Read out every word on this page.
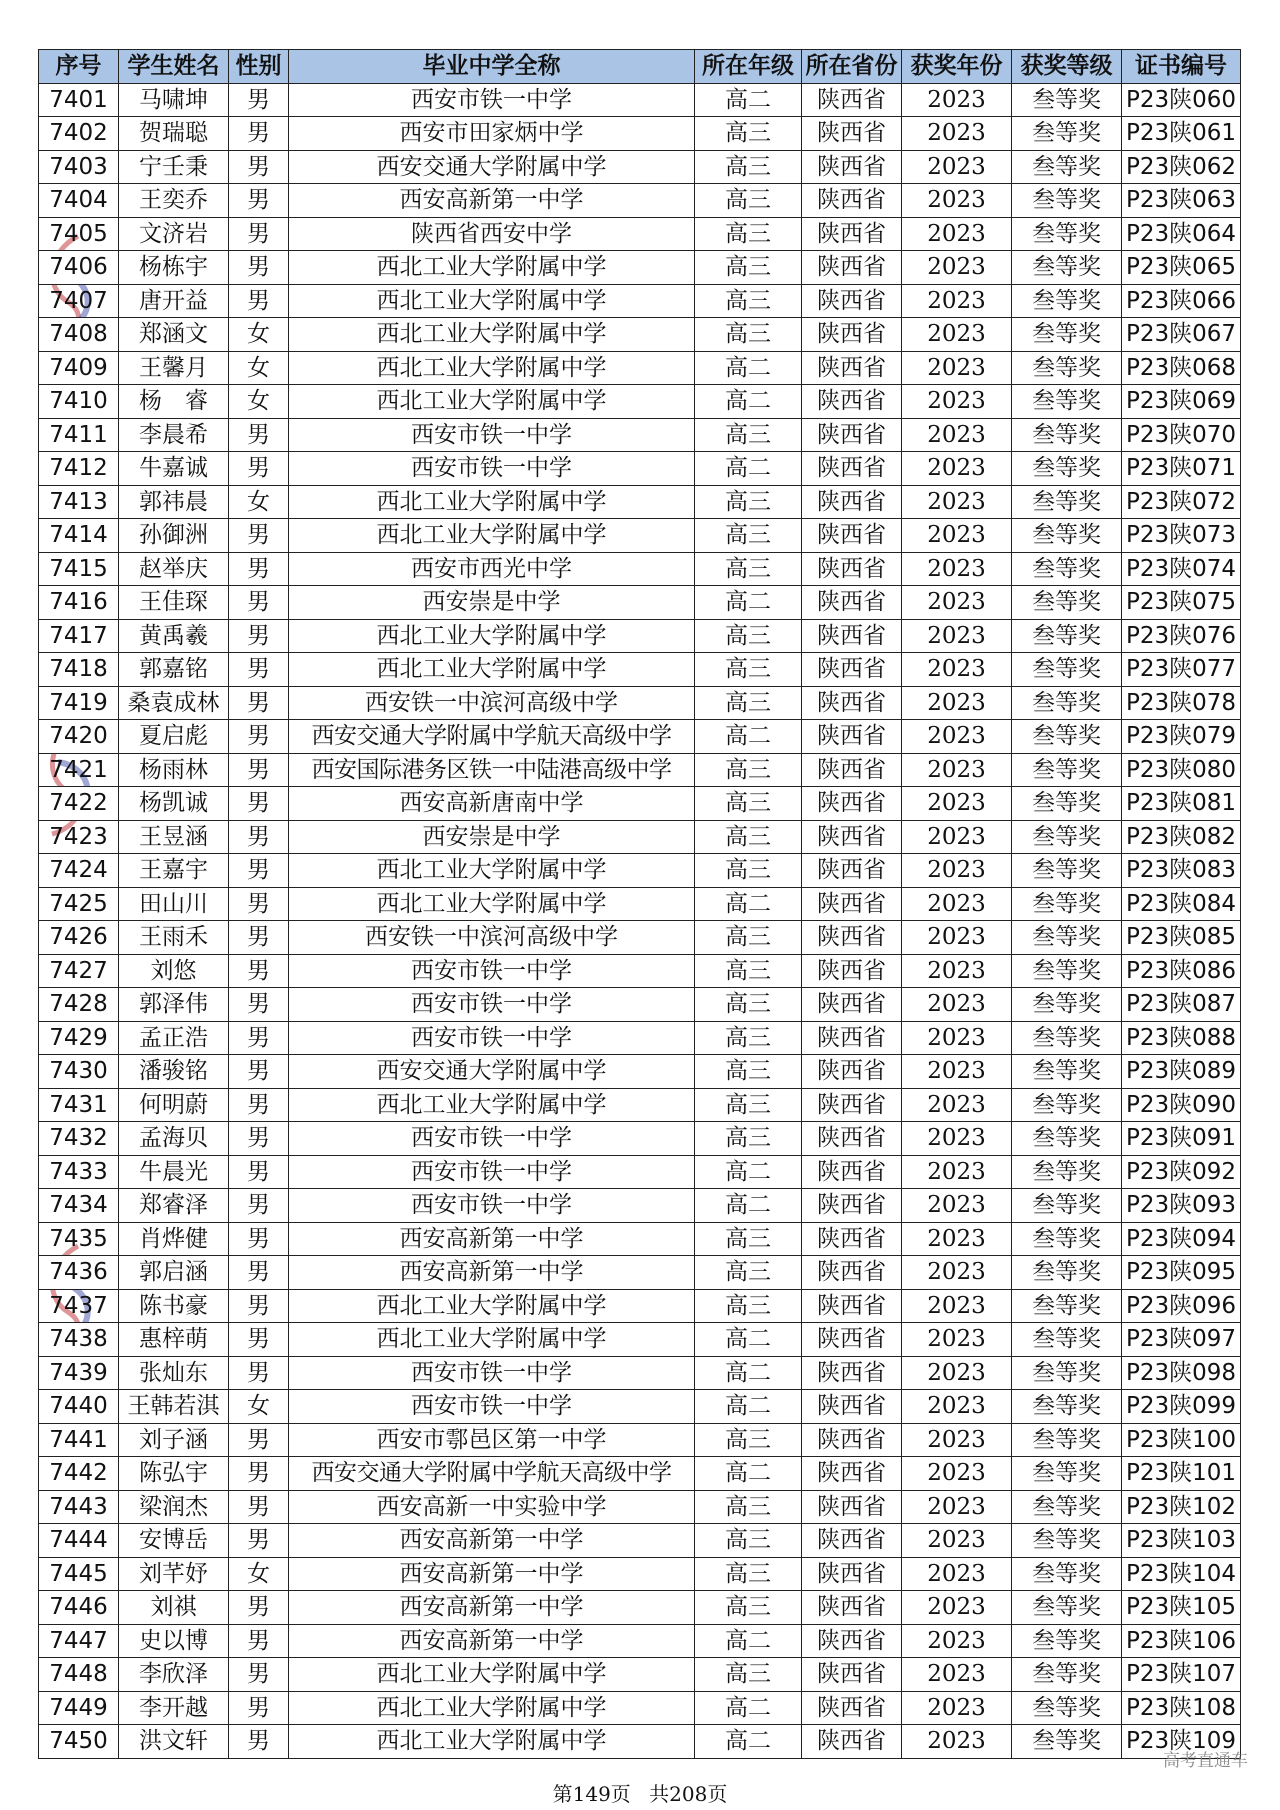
序号	学生姓名	性别	毕业中学全称	所在年级	所在省份	获奖年份	获奖等级	证书编号
7401	马啸坤	男	西安市铁一中学	高二	陕西省	2023	叁等奖	P23陕060
7402	贺瑞聪	男	西安市田家炳中学	高三	陕西省	2023	叁等奖	P23陕061
7403	宁壬秉	男	西安交通大学附属中学	高三	陕西省	2023	叁等奖	P23陕062
7404	王奕乔	男	西安高新第一中学	高三	陕西省	2023	叁等奖	P23陕063
7405	文济岩	男	陕西省西安中学	高三	陕西省	2023	叁等奖	P23陕064
7406	杨栋宇	男	西北工业大学附属中学	高三	陕西省	2023	叁等奖	P23陕065
7407	唐开益	男	西北工业大学附属中学	高三	陕西省	2023	叁等奖	P23陕066
7408	郑涵文	女	西北工业大学附属中学	高三	陕西省	2023	叁等奖	P23陕067
7409	王馨月	女	西北工业大学附属中学	高二	陕西省	2023	叁等奖	P23陕068
7410	杨　睿	女	西北工业大学附属中学	高二	陕西省	2023	叁等奖	P23陕069
7411	李晨希	男	西安市铁一中学	高三	陕西省	2023	叁等奖	P23陕070
7412	牛嘉诚	男	西安市铁一中学	高二	陕西省	2023	叁等奖	P23陕071
7413	郭祎晨	女	西北工业大学附属中学	高三	陕西省	2023	叁等奖	P23陕072
7414	孙御洲	男	西北工业大学附属中学	高三	陕西省	2023	叁等奖	P23陕073
7415	赵举庆	男	西安市西光中学	高三	陕西省	2023	叁等奖	P23陕074
7416	王佳琛	男	西安崇是中学	高二	陕西省	2023	叁等奖	P23陕075
7417	黄禹羲	男	西北工业大学附属中学	高三	陕西省	2023	叁等奖	P23陕076
7418	郭嘉铭	男	西北工业大学附属中学	高三	陕西省	2023	叁等奖	P23陕077
7419	桑袁成林	男	西安铁一中滨河高级中学	高三	陕西省	2023	叁等奖	P23陕078
7420	夏启彪	男	西安交通大学附属中学航天高级中学	高二	陕西省	2023	叁等奖	P23陕079
7421	杨雨林	男	西安国际港务区铁一中陆港高级中学	高三	陕西省	2023	叁等奖	P23陕080
7422	杨凯诚	男	西安高新唐南中学	高三	陕西省	2023	叁等奖	P23陕081
7423	王昱涵	男	西安崇是中学	高三	陕西省	2023	叁等奖	P23陕082
7424	王嘉宇	男	西北工业大学附属中学	高三	陕西省	2023	叁等奖	P23陕083
7425	田山川	男	西北工业大学附属中学	高二	陕西省	2023	叁等奖	P23陕084
7426	王雨禾	男	西安铁一中滨河高级中学	高三	陕西省	2023	叁等奖	P23陕085
7427	刘悠	男	西安市铁一中学	高三	陕西省	2023	叁等奖	P23陕086
7428	郭泽伟	男	西安市铁一中学	高三	陕西省	2023	叁等奖	P23陕087
7429	孟正浩	男	西安市铁一中学	高三	陕西省	2023	叁等奖	P23陕088
7430	潘骏铭	男	西安交通大学附属中学	高三	陕西省	2023	叁等奖	P23陕089
7431	何明蔚	男	西北工业大学附属中学	高三	陕西省	2023	叁等奖	P23陕090
7432	孟海贝	男	西安市铁一中学	高三	陕西省	2023	叁等奖	P23陕091
7433	牛晨光	男	西安市铁一中学	高二	陕西省	2023	叁等奖	P23陕092
7434	郑睿泽	男	西安市铁一中学	高二	陕西省	2023	叁等奖	P23陕093
7435	肖烨健	男	西安高新第一中学	高三	陕西省	2023	叁等奖	P23陕094
7436	郭启涵	男	西安高新第一中学	高三	陕西省	2023	叁等奖	P23陕095
7437	陈书豪	男	西北工业大学附属中学	高三	陕西省	2023	叁等奖	P23陕096
7438	惠梓萌	男	西北工业大学附属中学	高二	陕西省	2023	叁等奖	P23陕097
7439	张灿东	男	西安市铁一中学	高二	陕西省	2023	叁等奖	P23陕098
7440	王韩若淇	女	西安市铁一中学	高二	陕西省	2023	叁等奖	P23陕099
7441	刘子涵	男	西安市鄠邑区第一中学	高三	陕西省	2023	叁等奖	P23陕100
7442	陈弘宇	男	西安交通大学附属中学航天高级中学	高二	陕西省	2023	叁等奖	P23陕101
7443	梁润杰	男	西安高新一中实验中学	高三	陕西省	2023	叁等奖	P23陕102
7444	安博岳	男	西安高新第一中学	高三	陕西省	2023	叁等奖	P23陕103
7445	刘芊妤	女	西安高新第一中学	高三	陕西省	2023	叁等奖	P23陕104
7446	刘祺	男	西安高新第一中学	高三	陕西省	2023	叁等奖	P23陕105
7447	史以博	男	西安高新第一中学	高二	陕西省	2023	叁等奖	P23陕106
7448	李欣泽	男	西北工业大学附属中学	高三	陕西省	2023	叁等奖	P23陕107
7449	李开越	男	西北工业大学附属中学	高二	陕西省	2023	叁等奖	P23陕108
7450	洪文轩	男	西北工业大学附属中学	高二	陕西省	2023	叁等奖	P23陕109
高考直通车
第149页 共208页
